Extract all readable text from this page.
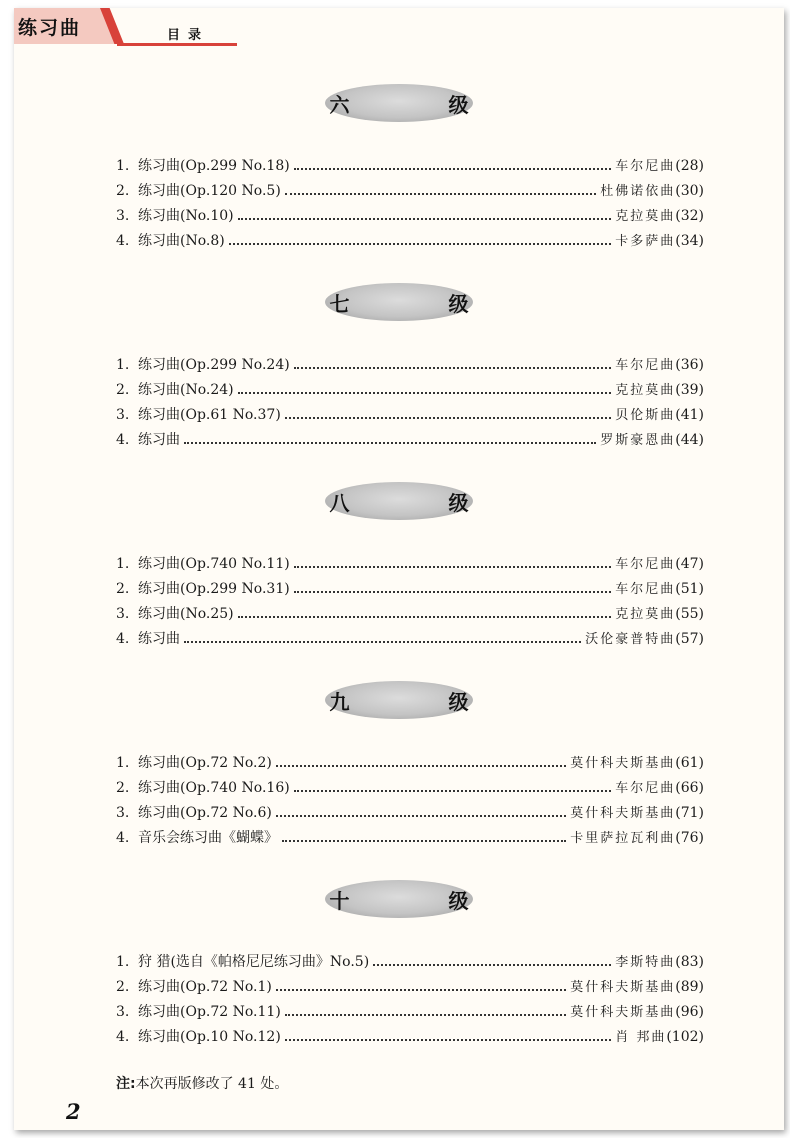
练习曲	目录
六 级
1. 练习曲(Op.299 No.18)	车尔尼曲 (28)
2. 练习曲(Op.120 No.5)	杜佛诺依曲 (30)
3. 练习曲(No.10)	克拉莫曲 (32)
4. 练习曲(No.8)	卡多萨曲 (34)
七 级
1. 练习曲(Op.299 No.24)	车尔尼曲 (36)
2. 练习曲(No.24)	克拉莫曲 (39)
3. 练习曲(Op.61 No.37)	贝伦斯曲 (41)
4. 练习曲	罗斯豪恩曲 (44)
八 级
1. 练习曲(Op.740 No.11)	车尔尼曲 (47)
2. 练习曲(Op.299 No.31)	车尔尼曲 (51)
3. 练习曲(No.25)	克拉莫曲 (55)
4. 练习曲	沃伦豪普特曲 (57)
九 级
1. 练习曲(Op.72 No.2)	莫什科夫斯基曲 (61)
2. 练习曲(Op.740 No.16)	车尔尼曲 (66)
3. 练习曲(Op.72 No.6)	莫什科夫斯基曲 (71)
4. 音乐会练习曲《蝴蝶》	卡里萨拉瓦利曲 (76)
十 级
1. 狩 猎(选自《帕格尼尼练习曲》No.5)	李斯特曲 (83)
2. 练习曲(Op.72 No.1)	莫什科夫斯基曲 (89)
3. 练习曲(Op.72 No.11)	莫什科夫斯基曲 (96)
4. 练习曲(Op.10 No.12)	肖 邦曲 (102)
注:本次再版修改了 41 处。
2
